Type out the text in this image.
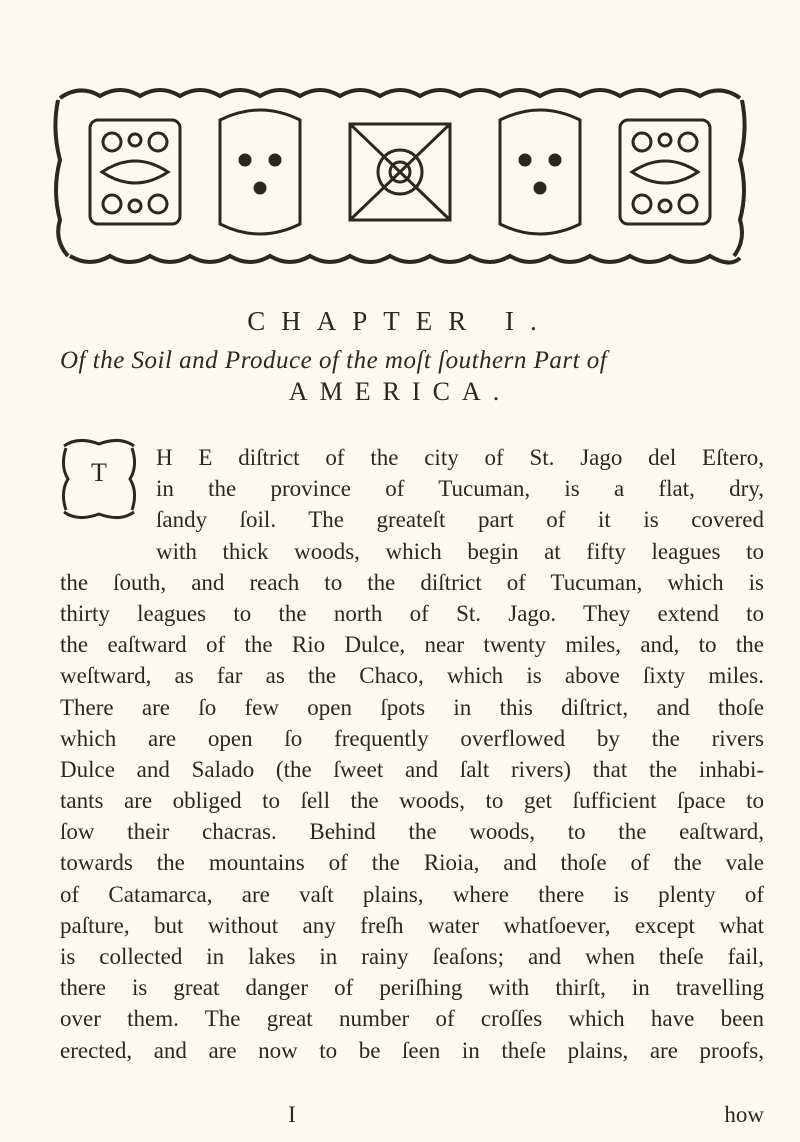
CHAPTER I.
Of the Soil and Produce of the moſt ſouthern Part of
AMERICA.
T
H E diſtrict of the city of St. Jago del Eſtero,
in the province of Tucuman, is a flat, dry,
ſandy ſoil. The greateſt part of it is covered
with thick woods, which begin at fifty leagues to
the ſouth, and reach to the diſtrict of Tucuman, which is
thirty leagues to the north of St. Jago. They extend to
the eaſtward of the Rio Dulce, near twenty miles, and, to the
weſtward, as far as the Chaco, which is above ſixty miles.
There are ſo few open ſpots in this diſtrict, and thoſe
which are open ſo frequently overflowed by the rivers
Dulce and Salado (the ſweet and ſalt rivers) that the inhabi-
tants are obliged to ſell the woods, to get ſufficient ſpace to
ſow their chacras. Behind the woods, to the eaſtward,
towards the mountains of the Rioia, and thoſe of the vale
of Catamarca, are vaſt plains, where there is plenty of
paſture, but without any freſh water whatſoever, except what
is collected in lakes in rainy ſeaſons; and when theſe fail,
there is great danger of periſhing with thirſt, in travelling
over them. The great number of croſſes which have been
erected, and are now to be ſeen in theſe plains, are proofs,
I	how
